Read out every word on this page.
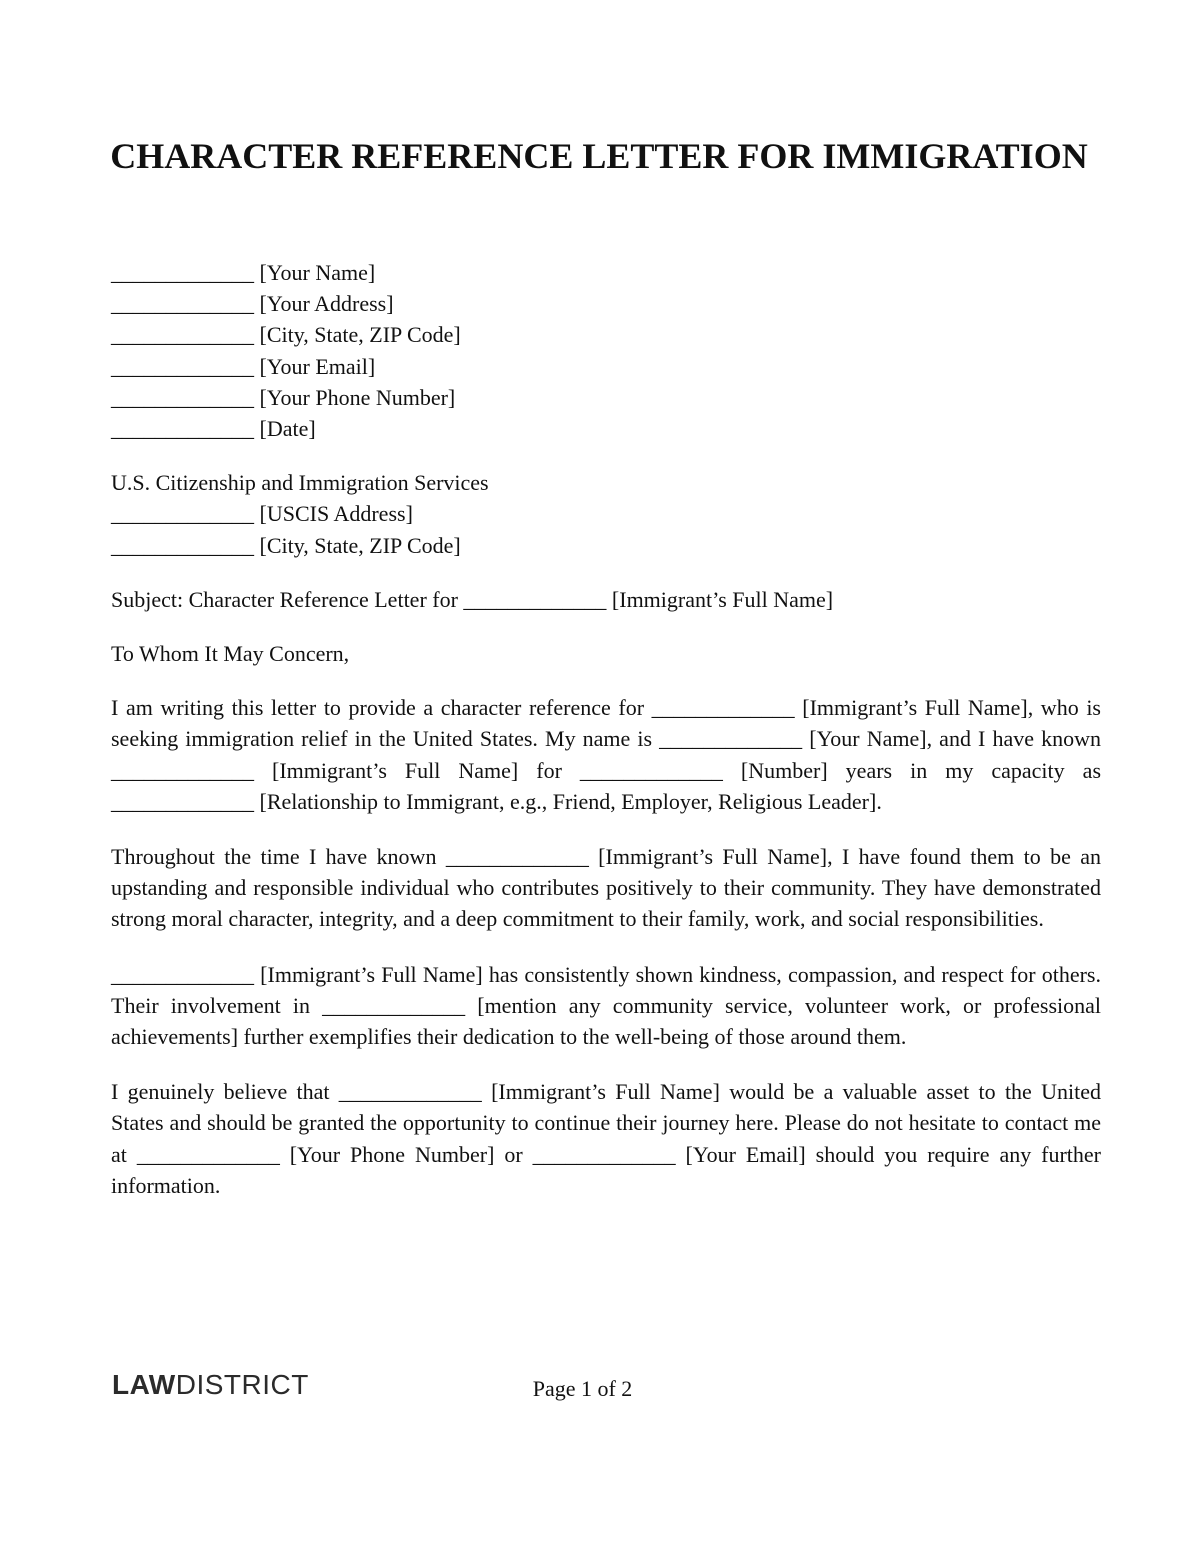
CHARACTER REFERENCE LETTER FOR IMMIGRATION
_____________ [Your Name]
_____________ [Your Address]
_____________ [City, State, ZIP Code]
_____________ [Your Email]
_____________ [Your Phone Number]
_____________ [Date]
U.S. Citizenship and Immigration Services
_____________ [USCIS Address]
_____________ [City, State, ZIP Code]
Subject: Character Reference Letter for _____________ [Immigrant’s Full Name]
To Whom It May Concern,

I am writing this letter to provide a character reference for _____________ [Immigrant’s Full Name], who is seeking immigration relief in the United States. My name is _____________ [Your Name], and I have known _____________ [Immigrant’s Full Name] for _____________ [Number] years in my capacity as _____________ [Relationship to Immigrant, e.g., Friend, Employer, Religious Leader].

Throughout the time I have known _____________ [Immigrant’s Full Name], I have found them to be an upstanding and responsible individual who contributes positively to their community. They have demonstrated strong moral character, integrity, and a deep commitment to their family, work, and social responsibilities.

_____________ [Immigrant’s Full Name] has consistently shown kindness, compassion, and respect for others. Their involvement in _____________ [mention any community service, volunteer work, or professional achievements] further exemplifies their dedication to the well-being of those around them.

I genuinely believe that _____________ [Immigrant’s Full Name] would be a valuable asset to the United States and should be granted the opportunity to continue their journey here. Please do not hesitate to contact me at _____________ [Your Phone Number] or _____________ [Your Email] should you require any further information.

LAWDISTRICT	Page 1 of 2
